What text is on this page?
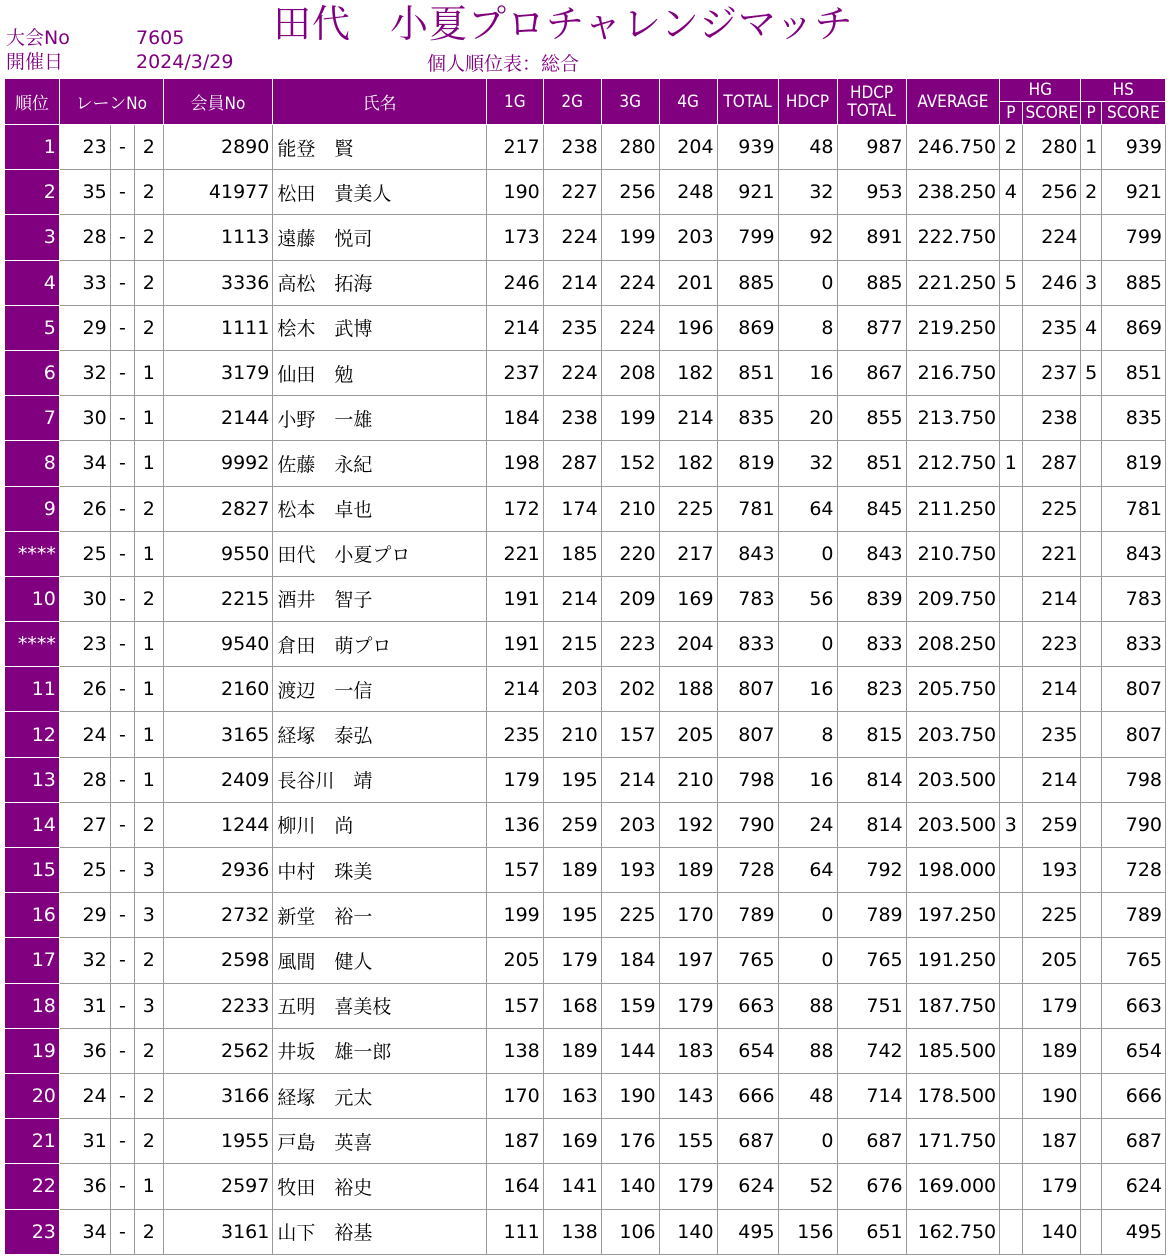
大会No	7605
開催日	2024/3/29
田代　小夏プロチャレンジマッチ
個人順位表：総合
順位	レーンNo			会員No	氏名	1G	2G	3G	4G	TOTAL	HDCP	HDCP TOTAL	AVERAGE	HG		HS	
														P	SCORE	P	SCORE
1	23	-	2	2890	能登　賢	217	238	280	204	939	48	987	246.750	2	280	1	939
2	35	-	2	41977	松田　貴美人	190	227	256	248	921	32	953	238.250	4	256	2	921
3	28	-	2	1113	遠藤　悦司	173	224	199	203	799	92	891	222.750		224		799
4	33	-	2	3336	高松　拓海	246	214	224	201	885	0	885	221.250	5	246	3	885
5	29	-	2	1111	桧木　武博	214	235	224	196	869	8	877	219.250		235	4	869
6	32	-	1	3179	仙田　勉	237	224	208	182	851	16	867	216.750		237	5	851
7	30	-	1	2144	小野　一雄	184	238	199	214	835	20	855	213.750		238		835
8	34	-	1	9992	佐藤　永紀	198	287	152	182	819	32	851	212.750	1	287		819
9	26	-	2	2827	松本　卓也	172	174	210	225	781	64	845	211.250		225		781
****	25	-	1	9550	田代　小夏プロ	221	185	220	217	843	0	843	210.750		221		843
10	30	-	2	2215	酒井　智子	191	214	209	169	783	56	839	209.750		214		783
****	23	-	1	9540	倉田　萌プロ	191	215	223	204	833	0	833	208.250		223		833
11	26	-	1	2160	渡辺　一信	214	203	202	188	807	16	823	205.750		214		807
12	24	-	1	3165	経塚　泰弘	235	210	157	205	807	8	815	203.750		235		807
13	28	-	1	2409	長谷川　靖	179	195	214	210	798	16	814	203.500		214		798
14	27	-	2	1244	柳川　尚	136	259	203	192	790	24	814	203.500	3	259		790
15	25	-	3	2936	中村　珠美	157	189	193	189	728	64	792	198.000		193		728
16	29	-	3	2732	新堂　裕一	199	195	225	170	789	0	789	197.250		225		789
17	32	-	2	2598	風間　健人	205	179	184	197	765	0	765	191.250		205		765
18	31	-	3	2233	五明　喜美枝	157	168	159	179	663	88	751	187.750		179		663
19	36	-	2	2562	井坂　雄一郎	138	189	144	183	654	88	742	185.500		189		654
20	24	-	2	3166	経塚　元太	170	163	190	143	666	48	714	178.500		190		666
21	31	-	2	1955	戸島　英喜	187	169	176	155	687	0	687	171.750		187		687
22	36	-	1	2597	牧田　裕史	164	141	140	179	624	52	676	169.000		179		624
23	34	-	2	3161	山下　裕基	111	138	106	140	495	156	651	162.750		140		495
